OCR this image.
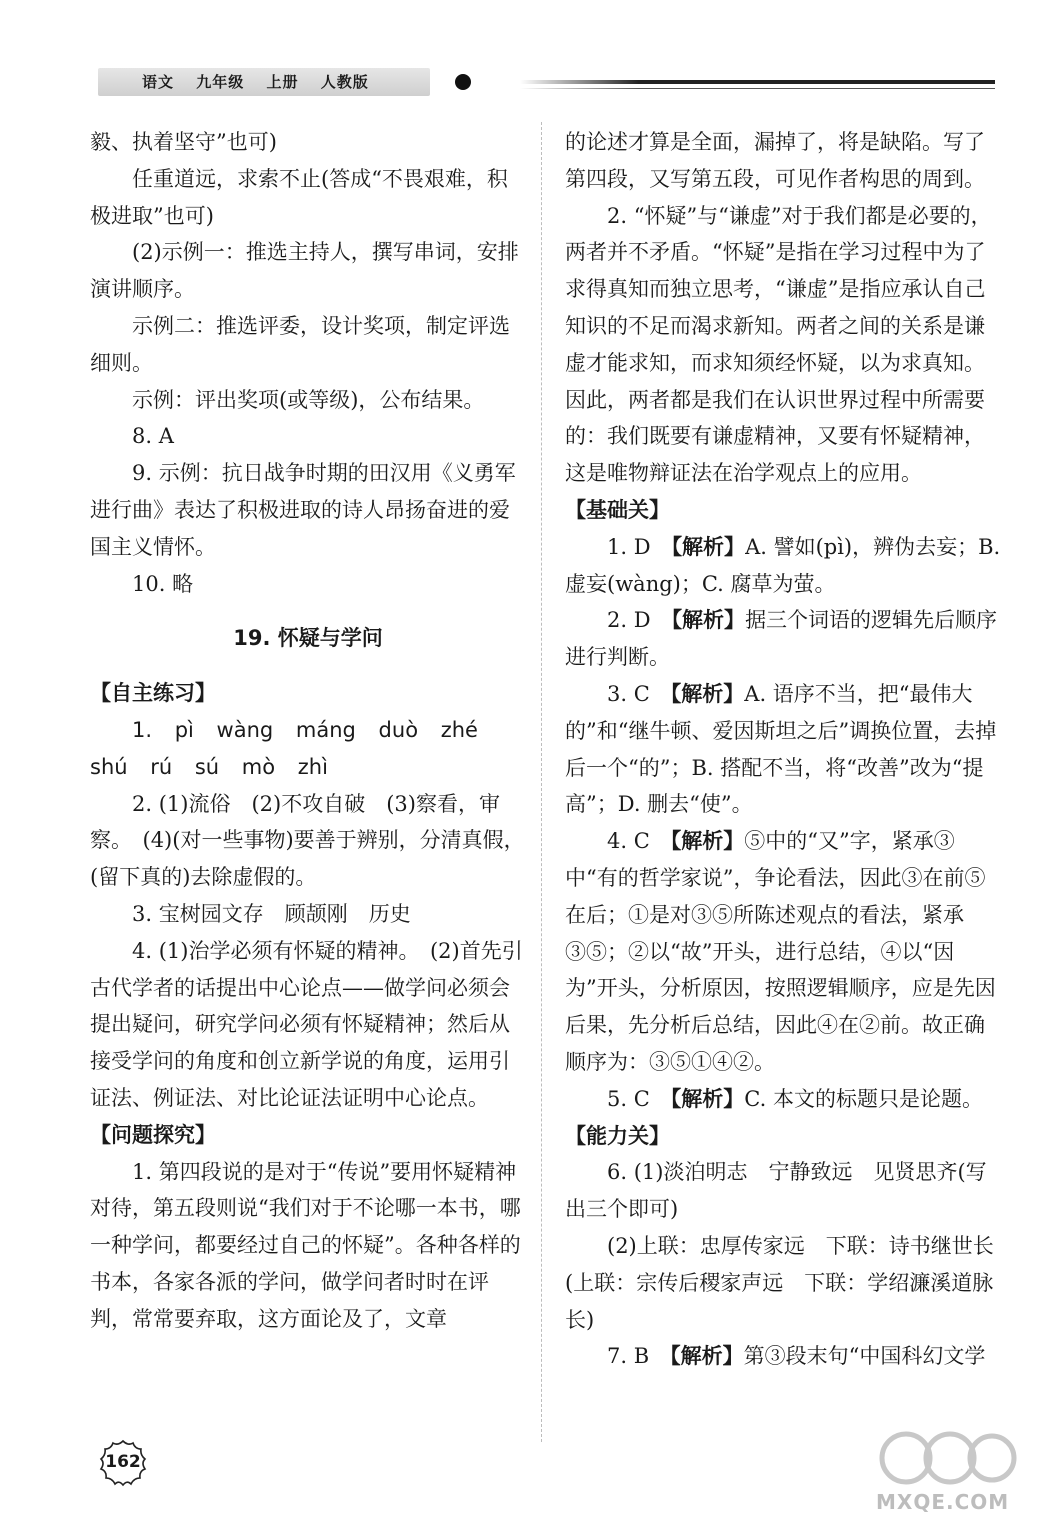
语文 九年级 上册 人教版

毅、执着坚守”也可)

任重道远，求索不止(答成“不畏艰难，积极进取”也可)

(2)示例一：推选主持人，撰写串词，安排演讲顺序。

示例二：推选评委，设计奖项，制定评选细则。

示例：评出奖项(或等级)，公布结果。

8. A

9. 示例：抗日战争时期的田汉用《义勇军进行曲》表达了积极进取的诗人昂扬奋进的爱国主义情怀。

10. 略

19. 怀疑与学问

【自主练习】

1. pì wàng máng duò zhé shú rú sú mò zhì

2. (1)流俗　(2)不攻自破　(3)察看，审察。　(4)(对一些事物)要善于辨别，分清真假，(留下真的)去除虚假的。

3. 宝树园文存　顾颉刚　历史

4. (1)治学必须有怀疑的精神。　(2)首先引古代学者的话提出中心论点——做学问必须会提出疑问，研究学问必须有怀疑精神；然后从接受学问的角度和创立新学说的角度，运用引证法、例证法、对比论证法证明中心论点。

【问题探究】

1. 第四段说的是对于“传说”要用怀疑精神对待，第五段则说“我们对于不论哪一本书，哪一种学问，都要经过自己的怀疑”。各种各样的书本，各家各派的学问，做学问者时时在评判，常常要弃取，这方面论及了，文章

的论述才算是全面，漏掉了，将是缺陷。写了第四段，又写第五段，可见作者构思的周到。

2. “怀疑”与“谦虚”对于我们都是必要的，两者并不矛盾。“怀疑”是指在学习过程中为了求得真知而独立思考，“谦虚”是指应承认自己知识的不足而渴求新知。两者之间的关系是谦虚才能求知，而求知须经怀疑，以为求真知。因此，两者都是我们在认识世界过程中所需要的：我们既要有谦虚精神，又要有怀疑精神，这是唯物辩证法在治学观点上的应用。

【基础关】

1. D　【解析】A. 譬如(pì)，辨伪去妄；B. 虚妄(wàng)；C. 腐草为萤。

2. D　【解析】据三个词语的逻辑先后顺序进行判断。

3. C　【解析】A. 语序不当，把“最伟大的”和“继牛顿、爱因斯坦之后”调换位置，去掉后一个“的”；B. 搭配不当，将“改善”改为“提高”；D. 删去“使”。

4. C　【解析】⑤中的“又”字，紧承③中“有的哲学家说”，争论看法，因此③在前⑤在后；①是对③⑤所陈述观点的看法，紧承③⑤；②以“故”开头，进行总结，④以“因为”开头，分析原因，按照逻辑顺序，应是先因后果，先分析后总结，因此④在②前。故正确顺序为：③⑤①④②。

5. C　【解析】C. 本文的标题只是论题。

【能力关】

6. (1)淡泊明志　宁静致远　见贤思齐(写出三个即可)

(2)上联：忠厚传家远　下联：诗书继世长(上联：宗传后稷家声远　下联：学绍濂溪道脉长)

7. B　【解析】第③段末句“中国科幻文学

162
MXQE.COM
